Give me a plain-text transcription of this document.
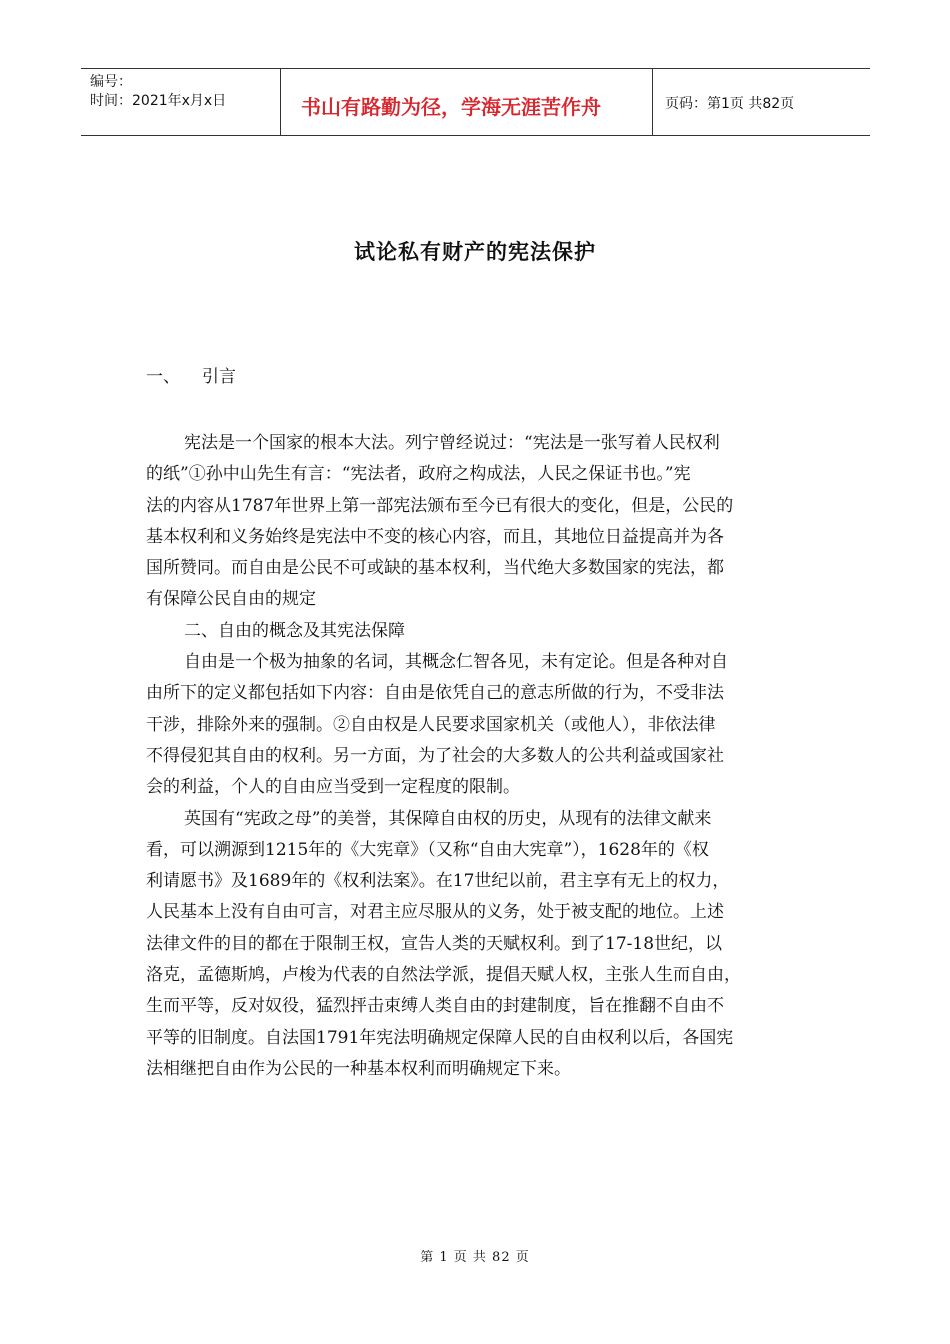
编号：
时间：2021年x月x日	书山有路勤为径，学海无涯苦作舟	页码：第1页 共82页
试论私有财产的宪法保护
一、 引言
宪法是一个国家的根本大法。列宁曾经说过：“宪法是一张写着人民权利
的纸”①孙中山先生有言：“宪法者，政府之构成法，人民之保证书也。”宪
法的内容从1787年世界上第一部宪法颁布至今已有很大的变化，但是，公民的
基本权利和义务始终是宪法中不变的核心内容，而且，其地位日益提高并为各
国所赞同。而自由是公民不可或缺的基本权利，当代绝大多数国家的宪法，都
有保障公民自由的规定
二、自由的概念及其宪法保障
自由是一个极为抽象的名词，其概念仁智各见，未有定论。但是各种对自
由所下的定义都包括如下内容：自由是依凭自己的意志所做的行为，不受非法
干涉，排除外来的强制。②自由权是人民要求国家机关（或他人），非依法律
不得侵犯其自由的权利。另一方面，为了社会的大多数人的公共利益或国家社
会的利益，个人的自由应当受到一定程度的限制。
英国有“宪政之母”的美誉，其保障自由权的历史，从现有的法律文献来
看，可以溯源到1215年的《大宪章》（又称“自由大宪章”），1628年的《权
利请愿书》及1689年的《权利法案》。在17世纪以前，君主享有无上的权力，
人民基本上没有自由可言，对君主应尽服从的义务，处于被支配的地位。上述
法律文件的目的都在于限制王权，宣告人类的天赋权利。到了17-18世纪，以
洛克，孟德斯鸠，卢梭为代表的自然法学派，提倡天赋人权，主张人生而自由，
生而平等，反对奴役，猛烈抨击束缚人类自由的封建制度，旨在推翻不自由不
平等的旧制度。自法国1791年宪法明确规定保障人民的自由权利以后，各国宪
法相继把自由作为公民的一种基本权利而明确规定下来。
第 1 页 共 82 页
